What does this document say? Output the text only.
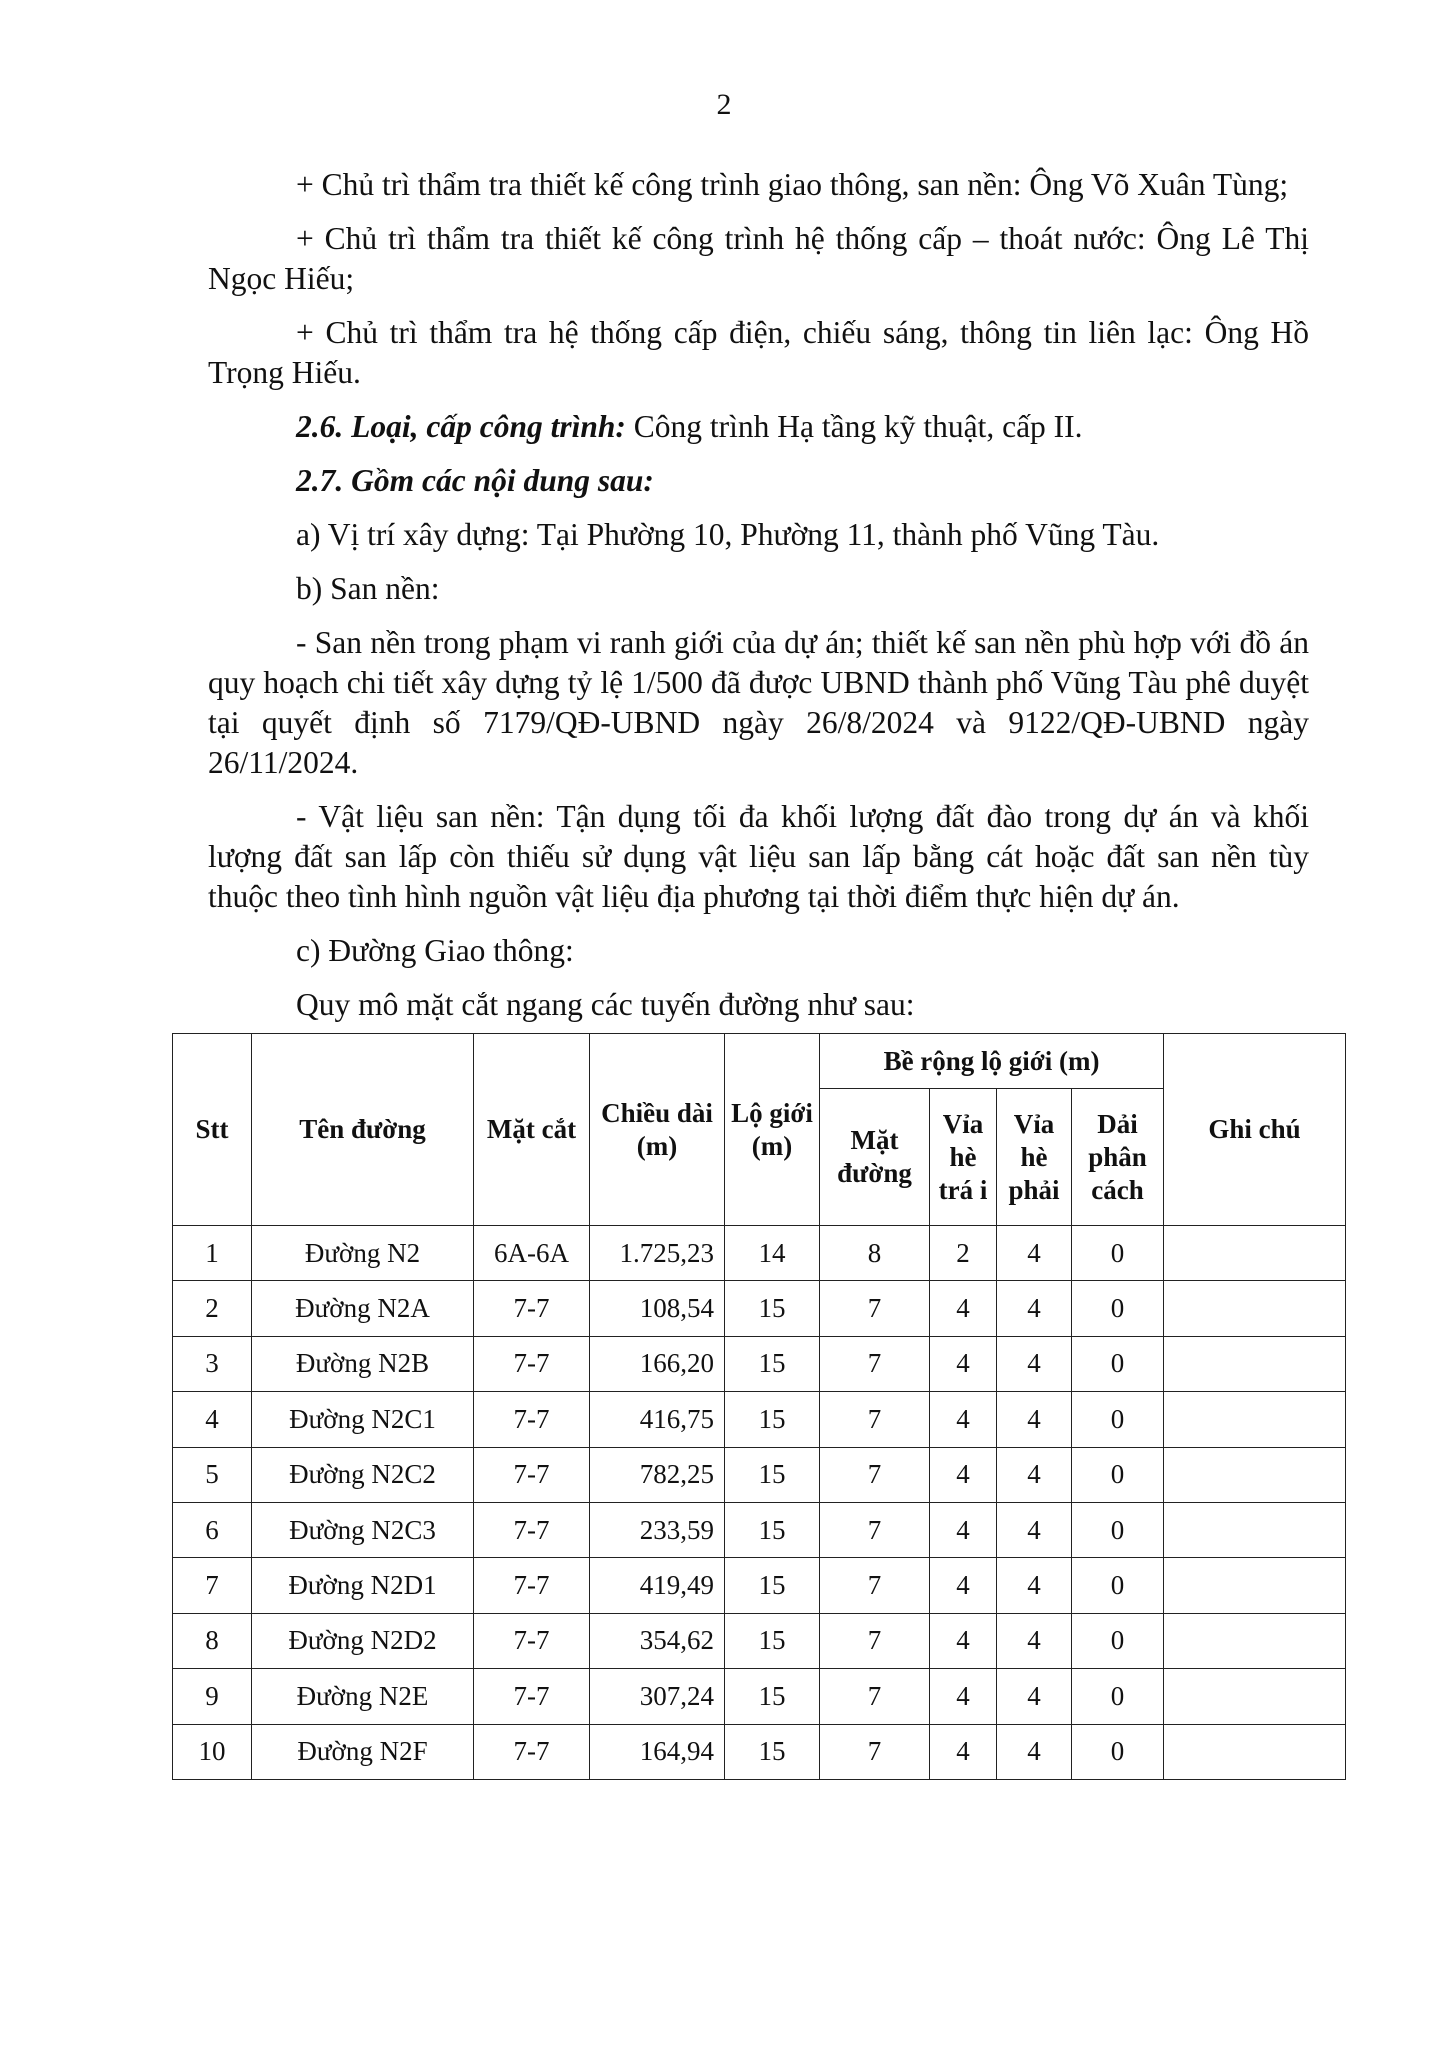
2

+ Chủ trì thẩm tra thiết kế công trình giao thông, san nền: Ông Võ Xuân Tùng;

+ Chủ trì thẩm tra thiết kế công trình hệ thống cấp – thoát nước: Ông Lê Thị Ngọc Hiếu;

+ Chủ trì thẩm tra hệ thống cấp điện, chiếu sáng, thông tin liên lạc: Ông Hồ Trọng Hiếu.

2.6. Loại, cấp công trình: Công trình Hạ tầng kỹ thuật, cấp II.

2.7. Gồm các nội dung sau:

a) Vị trí xây dựng: Tại Phường 10, Phường 11, thành phố Vũng Tàu.

b) San nền:

- San nền trong phạm vi ranh giới của dự án; thiết kế san nền phù hợp với đồ án quy hoạch chi tiết xây dựng tỷ lệ 1/500 đã được UBND thành phố Vũng Tàu phê duyệt tại quyết định số 7179/QĐ-UBND ngày 26/8/2024 và 9122/QĐ-UBND ngày 26/11/2024.

- Vật liệu san nền: Tận dụng tối đa khối lượng đất đào trong dự án và khối lượng đất san lấp còn thiếu sử dụng vật liệu san lấp bằng cát hoặc đất san nền tùy thuộc theo tình hình nguồn vật liệu địa phương tại thời điểm thực hiện dự án.

c) Đường Giao thông:

Quy mô mặt cắt ngang các tuyến đường như sau:

Stt	Tên đường	Mặt cắt	Chiều dài (m)	Lộ giới (m)	Bề rộng lộ giới (m)				Ghi chú
					Mặt đường	Vỉa hè trá i	Vỉa hè phải	Dải phân cách	
1	Đường N2	6A-6A	1.725,23	14	8	2	4	0	
2	Đường N2A	7-7	108,54	15	7	4	4	0	
3	Đường N2B	7-7	166,20	15	7	4	4	0	
4	Đường N2C1	7-7	416,75	15	7	4	4	0	
5	Đường N2C2	7-7	782,25	15	7	4	4	0	
6	Đường N2C3	7-7	233,59	15	7	4	4	0	
7	Đường N2D1	7-7	419,49	15	7	4	4	0	
8	Đường N2D2	7-7	354,62	15	7	4	4	0	
9	Đường N2E	7-7	307,24	15	7	4	4	0	
10	Đường N2F	7-7	164,94	15	7	4	4	0	
